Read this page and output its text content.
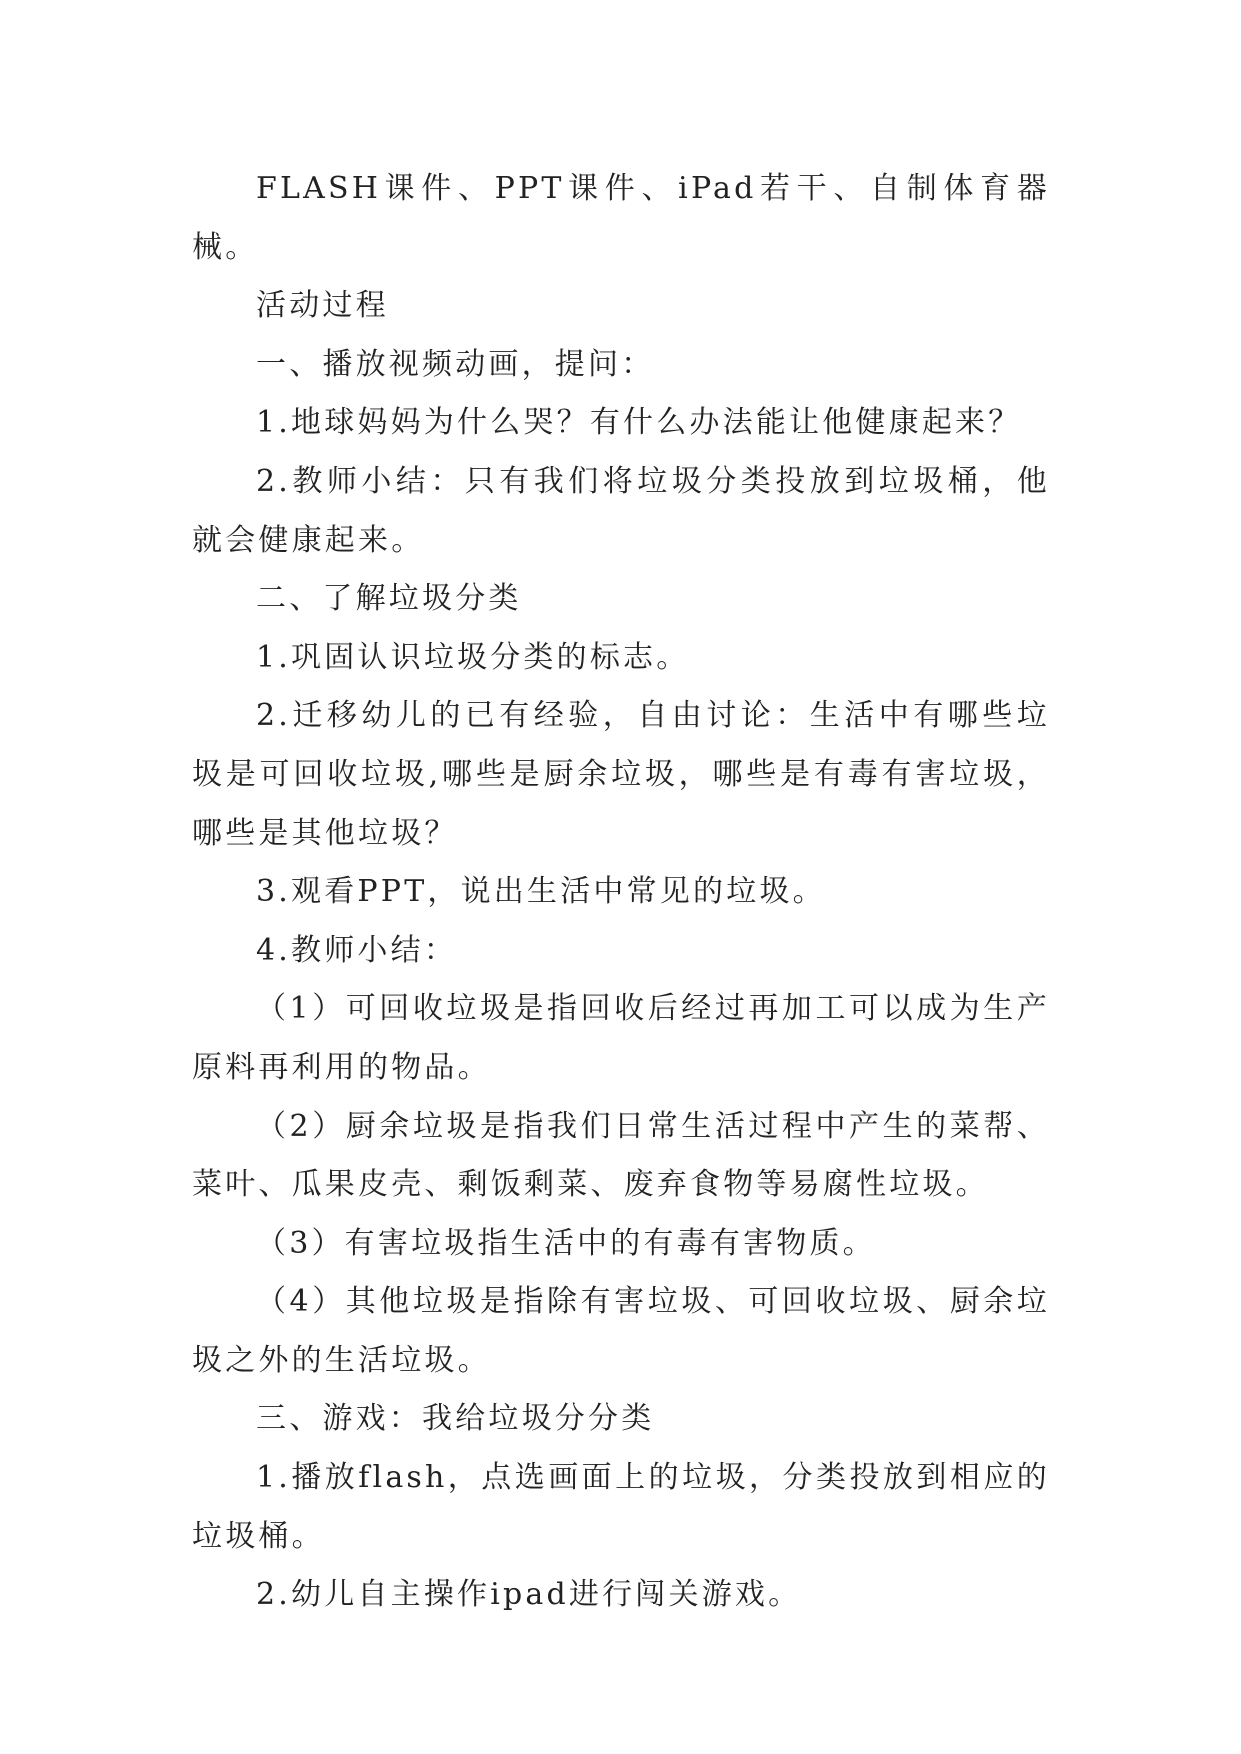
FLASH课件、PPT课件、iPad若干、自制体育器械。

活动过程

一、播放视频动画，提问：

1.地球妈妈为什么哭？有什么办法能让他健康起来？

2.教师小结：只有我们将垃圾分类投放到垃圾桶，他就会健康起来。

二、了解垃圾分类

1.巩固认识垃圾分类的标志。

2.迁移幼儿的已有经验，自由讨论：生活中有哪些垃圾是可回收垃圾,哪些是厨余垃圾，哪些是有毒有害垃圾，哪些是其他垃圾？

3.观看PPT，说出生活中常见的垃圾。

4.教师小结：

（1）可回收垃圾是指回收后经过再加工可以成为生产原料再利用的物品。

（2）厨余垃圾是指我们日常生活过程中产生的菜帮、菜叶、瓜果皮壳、剩饭剩菜、废弃食物等易腐性垃圾。

（3）有害垃圾指生活中的有毒有害物质。

（4）其他垃圾是指除有害垃圾、可回收垃圾、厨余垃圾之外的生活垃圾。

三、游戏：我给垃圾分分类

1.播放flash，点选画面上的垃圾，分类投放到相应的垃圾桶。

2.幼儿自主操作ipad进行闯关游戏。
